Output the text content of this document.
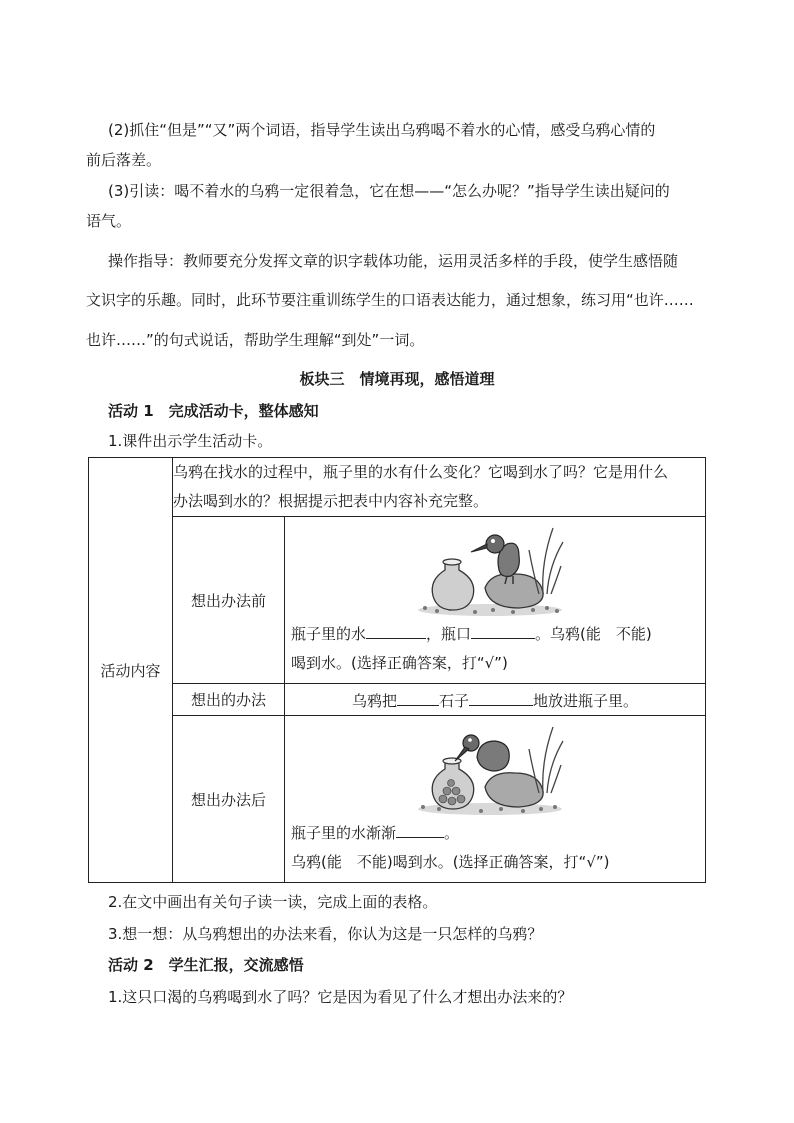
(2)抓住“但是”“又”两个词语，指导学生读出乌鸦喝不着水的心情，感受乌鸦心情的
前后落差。
(3)引读：喝不着水的乌鸦一定很着急，它在想——“怎么办呢？”指导学生读出疑问的
语气。
操作指导：教师要充分发挥文章的识字载体功能，运用灵活多样的手段，使学生感悟随
文识字的乐趣。同时，此环节要注重训练学生的口语表达能力，通过想象，练习用“也许……
也许……”的句式说话，帮助学生理解“到处”一词。
板块三　情境再现，感悟道理
活动 1　完成活动卡，整体感知
1.课件出示学生活动卡。
活动内容	乌鸦在找水的过程中，瓶子里的水有什么变化？它喝到水了吗？它是用什么
办法喝到水的？根据提示把表中内容补充完整。	

	想出办法前	瓶子里的水 ，瓶口 。乌鸦(能　不能)
喝到水。(选择正确答案，打“√”)

	想出的办法	乌鸦把 石子 地放进瓶子里。
	想出办法后	瓶子里的水渐渐 。
乌鸦(能　不能)喝到水。(选择正确答案，打“√”)
2.在文中画出有关句子读一读，完成上面的表格。
3.想一想：从乌鸦想出的办法来看，你认为这是一只怎样的乌鸦？
活动 2　学生汇报，交流感悟
1.这只口渴的乌鸦喝到水了吗？它是因为看见了什么才想出办法来的？
